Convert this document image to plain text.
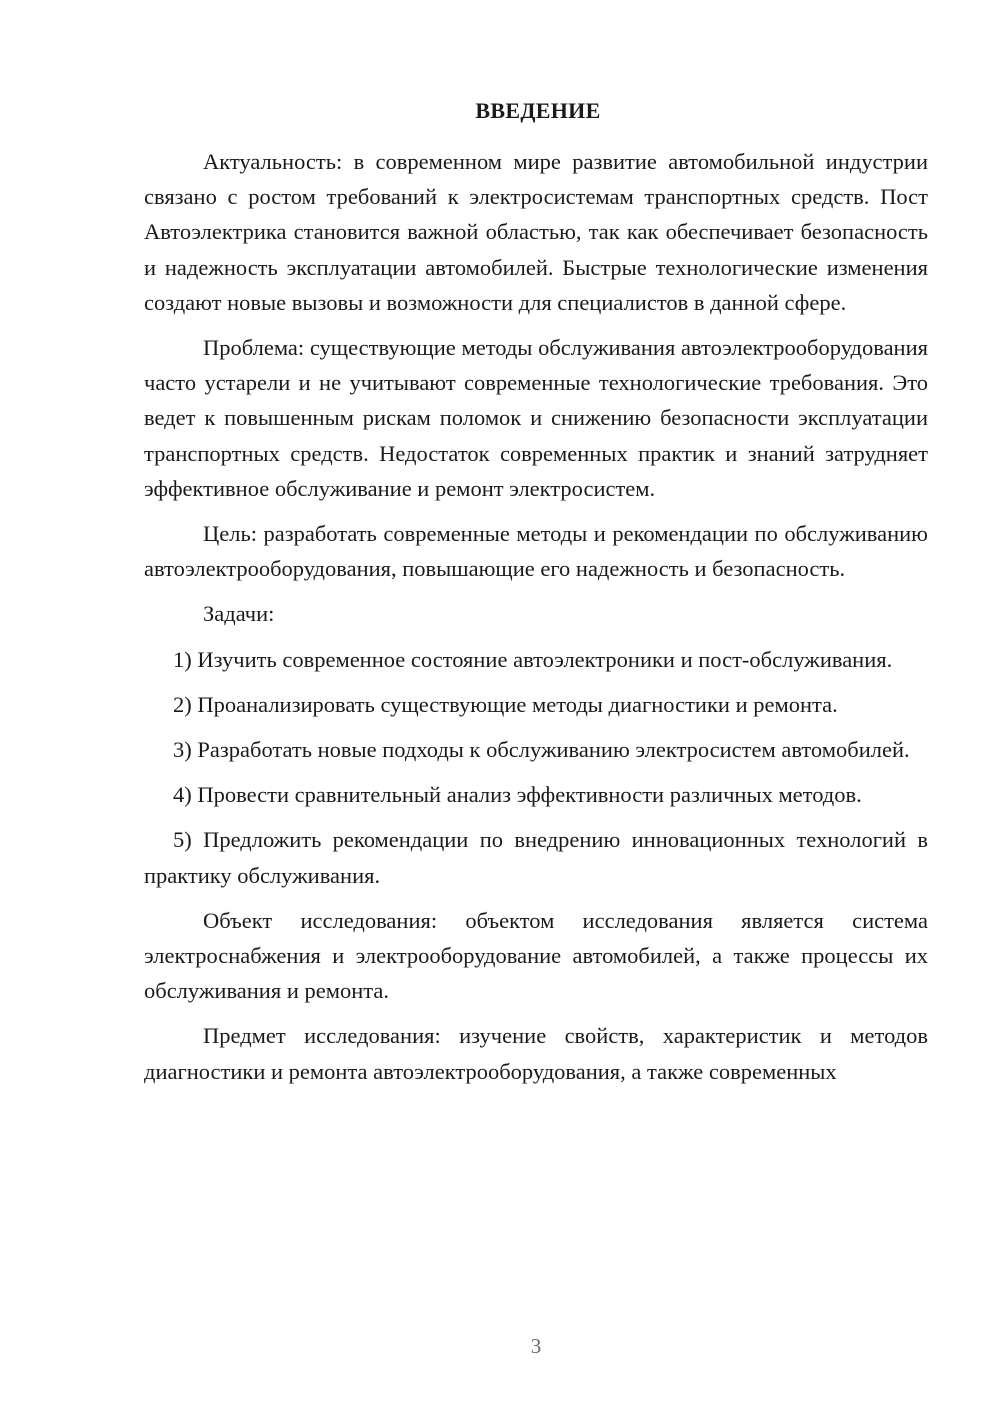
ВВЕДЕНИЕ

Актуальность: в современном мире развитие автомобильной индустрии связано с ростом требований к электросистемам транспортных средств. Пост Автоэлектрика становится важной областью, так как обеспечивает безопасность и надежность эксплуатации автомобилей. Быстрые технологические изменения создают новые вызовы и возможности для специалистов в данной сфере.

Проблема: существующие методы обслуживания автоэлектрооборудования часто устарели и не учитывают современные технологические требования. Это ведет к повышенным рискам поломок и снижению безопасности эксплуатации транспортных средств. Недостаток современных практик и знаний затрудняет эффективное обслуживание и ремонт электросистем.

Цель: разработать современные методы и рекомендации по обслуживанию автоэлектрооборудования, повышающие его надежность и безопасность.

Задачи:

1) Изучить современное состояние автоэлектроники и пост-обслуживания.

2) Проанализировать существующие методы диагностики и ремонта.

3) Разработать новые подходы к обслуживанию электросистем автомобилей.

4) Провести сравнительный анализ эффективности различных методов.

5) Предложить рекомендации по внедрению инновационных технологий в практику обслуживания.

Объект исследования: объектом исследования является система электроснабжения и электрооборудование автомобилей, а также процессы их обслуживания и ремонта.

Предмет исследования: изучение свойств, характеристик и методов диагностики и ремонта автоэлектрооборудования, а также современных

3
